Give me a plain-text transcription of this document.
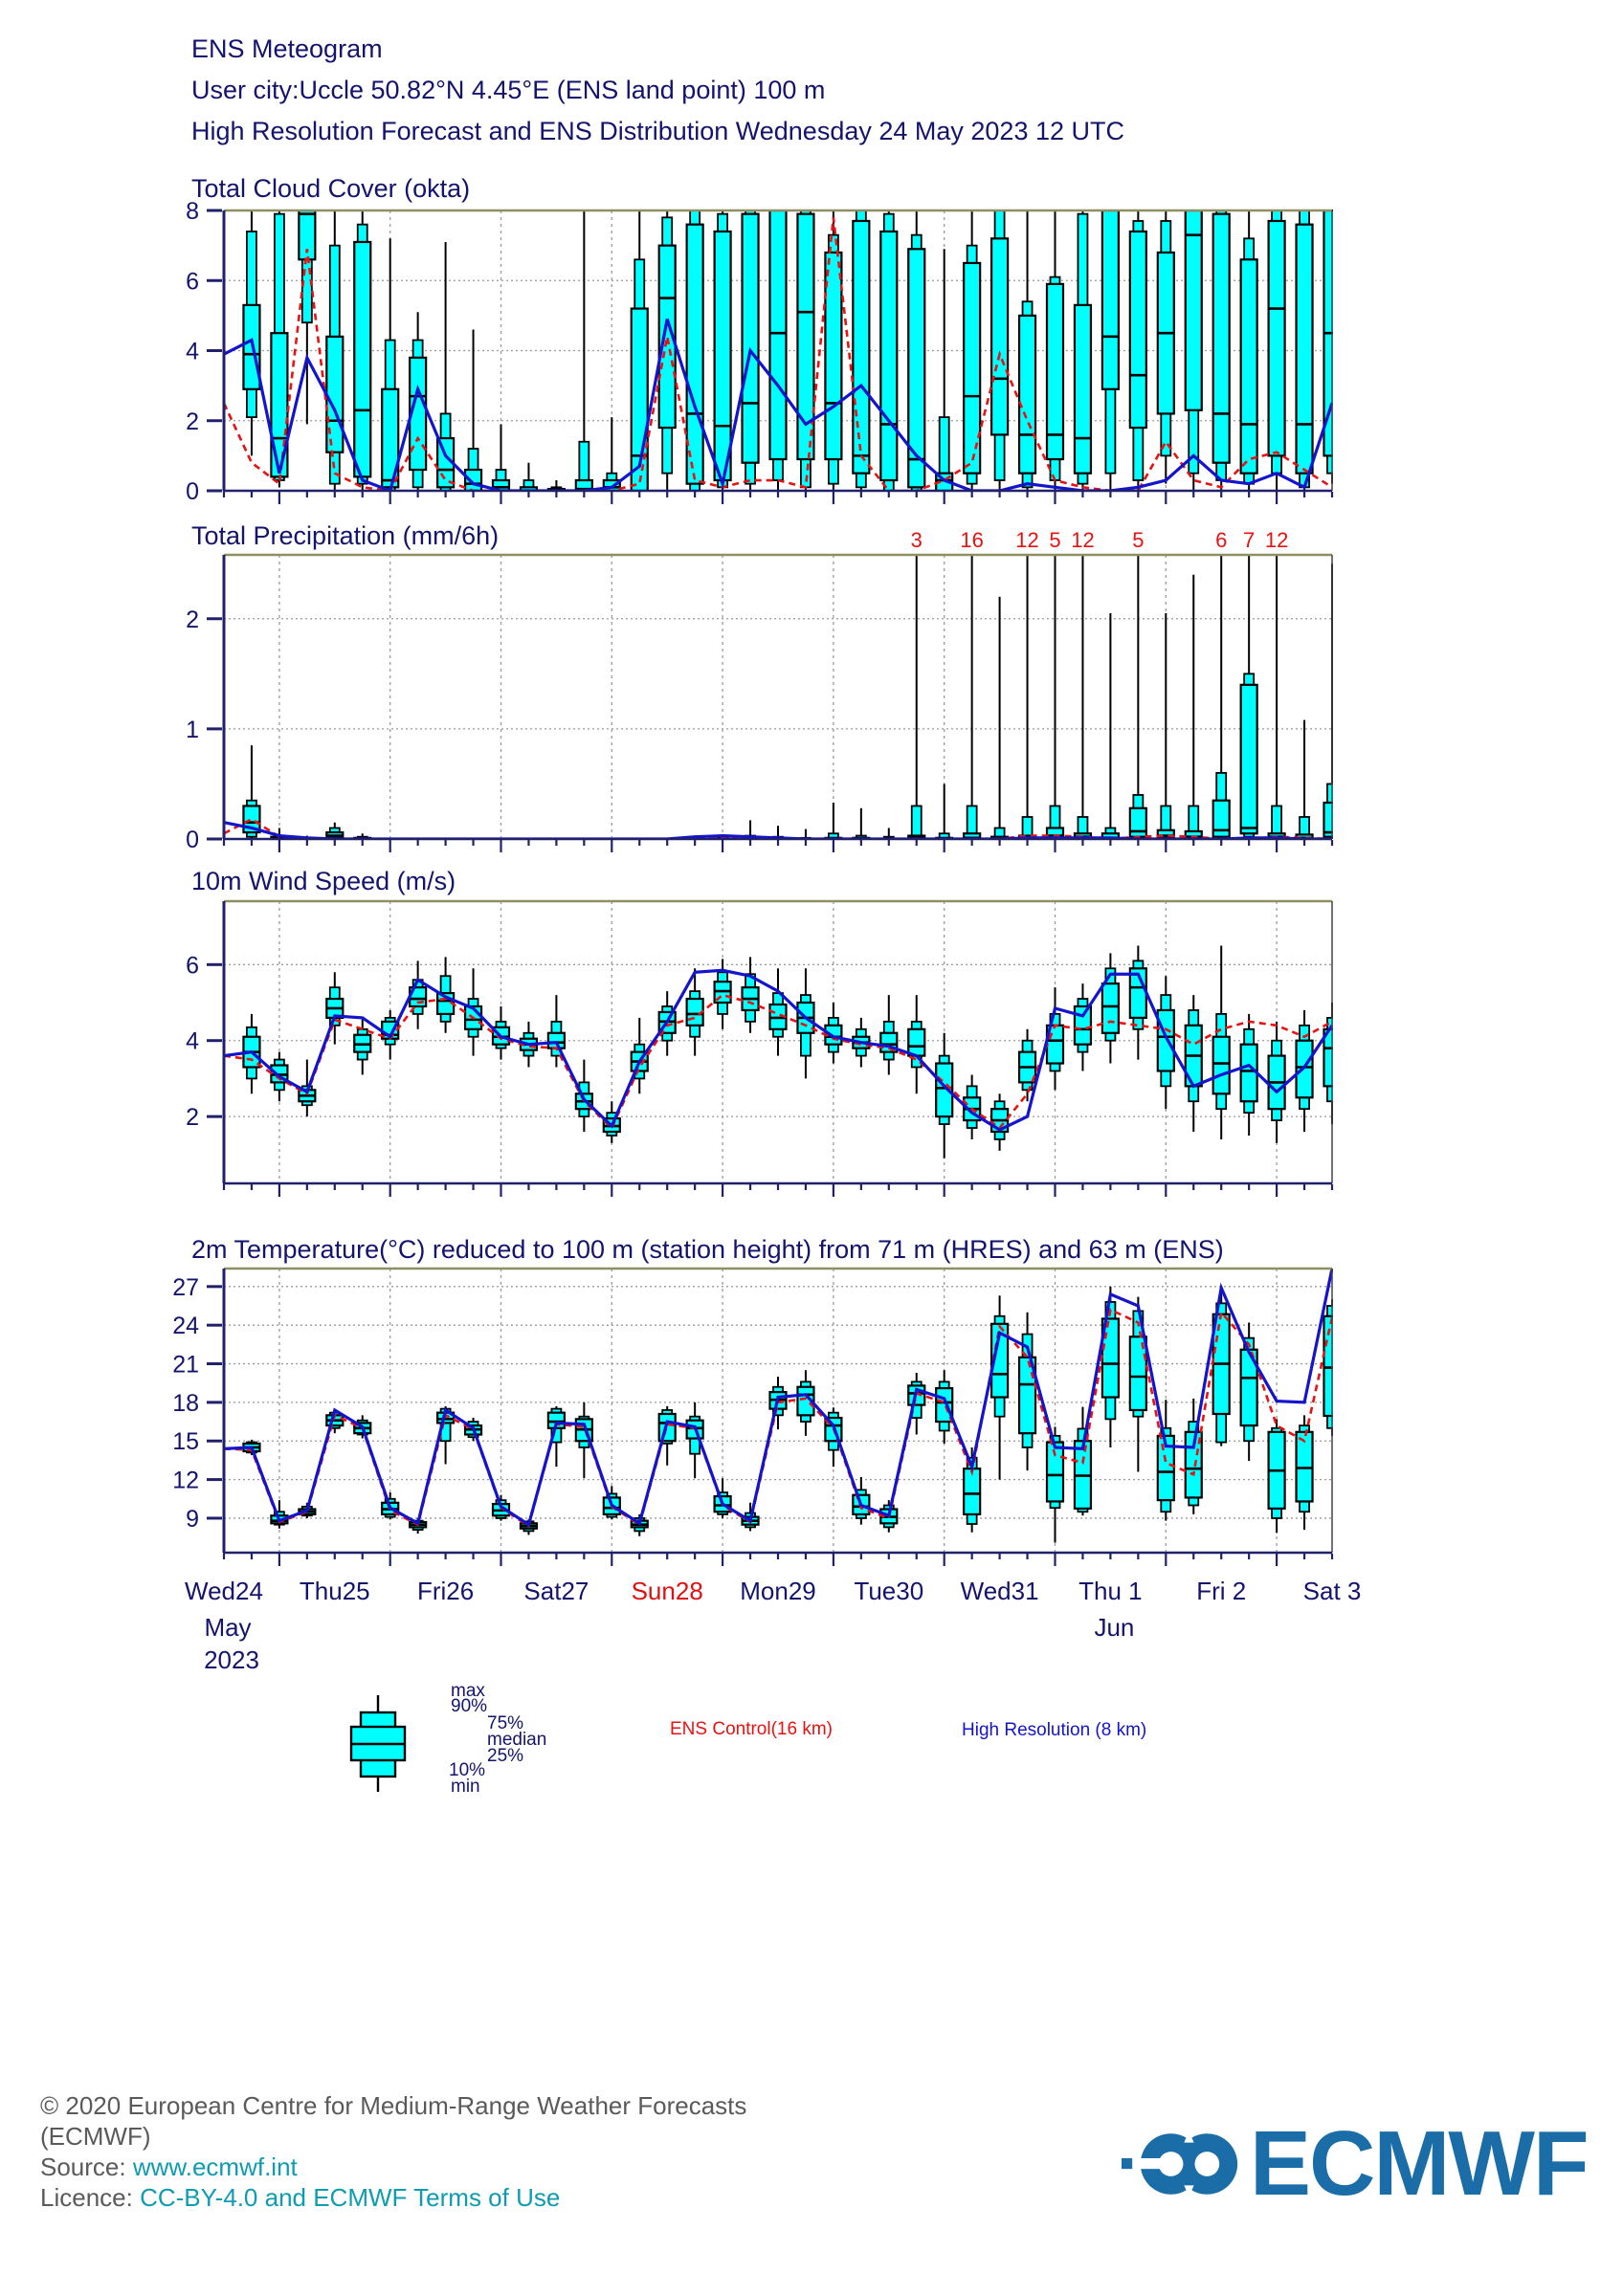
ENS Meteogram
User city:Uccle 50.82°N 4.45°E (ENS land point) 100 m
High Resolution Forecast and ENS Distribution Wednesday 24 May 2023 12 UTC
Total Cloud Cover (okta)
Total Precipitation (mm/6h)
10m Wind Speed (m/s)
2m Temperature(°C) reduced to 100 m (station height) from 71 m (HRES) and 63 m (ENS)
0
2
4
6
8
0
1
2
3 16 12 5 12 5	6 7 12
2
4
6
9
12
15
18
21
24
27
Wed24 Thu25 Fri26 Sat27 Sun28 Mon29 Tue30 Wed31 Thu 1 Fri 2 Sat 3
May	Jun
2023
max
90%
75%
median
25%
10%
min
ENS Control(16 km)	High Resolution (8 km)
© 2020 European Centre for Medium-Range Weather Forecasts
(ECMWF)
Source: www.ecmwf.int
Licence: CC-BY-4.0 and ECMWF Terms of Use	ECMWF
